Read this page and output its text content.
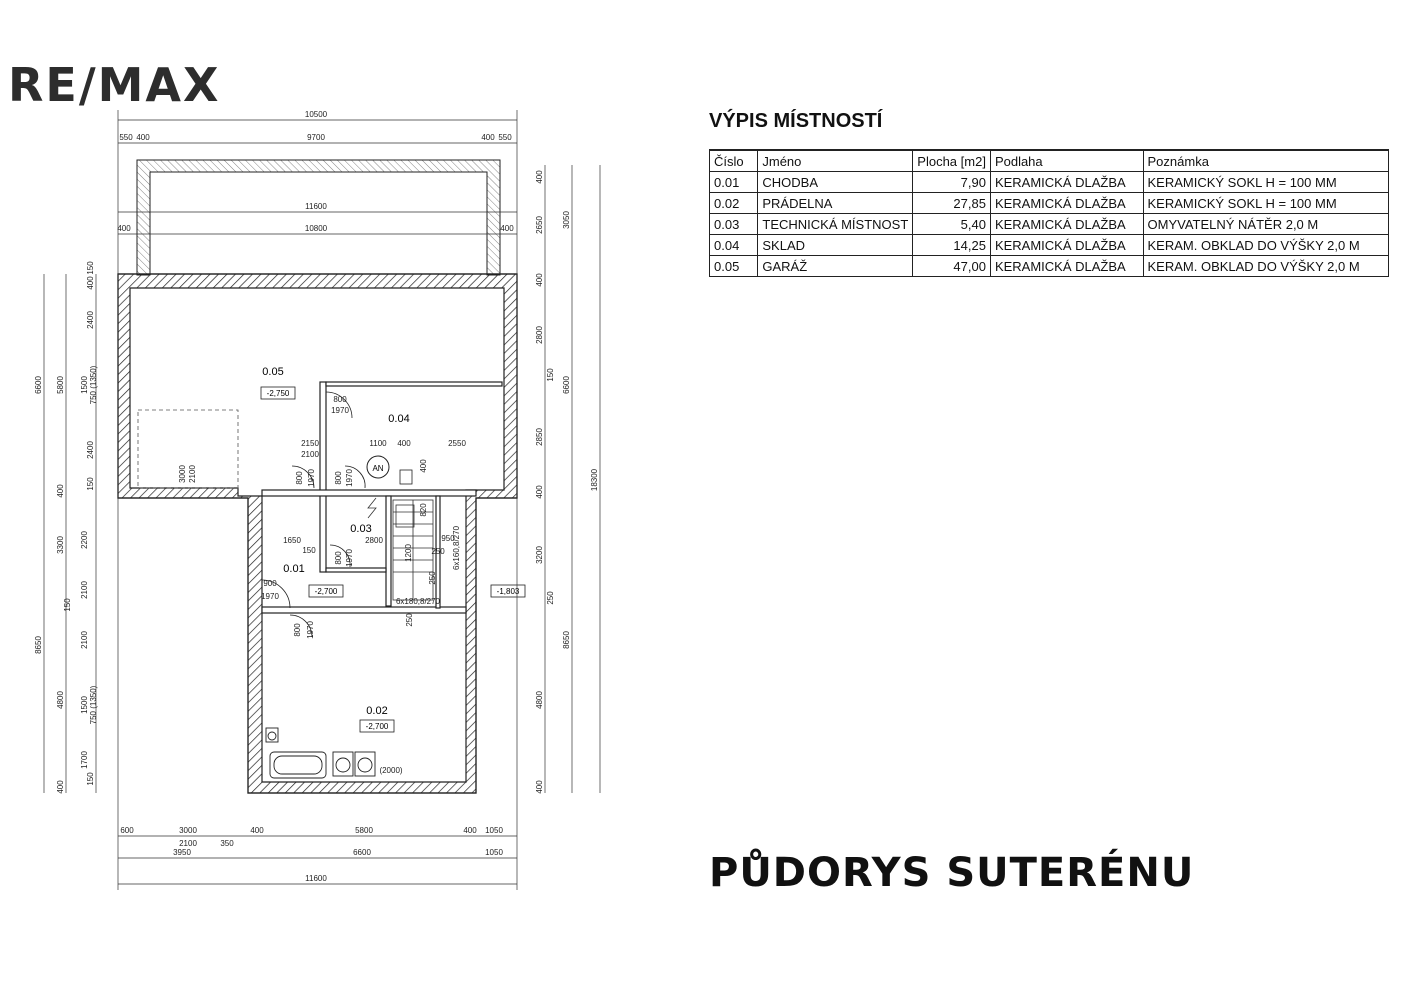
RE/MAX
AN
0.05
-2,750
0.04
0.03
0.01
-2,700
0.02
-2,700
-1,803
10500
550 400	9700	400 550
11600
400	10800	400
6600
8650
5800
3300
4800
150
400
2400
1500 750 (1350)
2400
150
400
2200
2100
150
2100
1500 750 (1350)
1700
150
400
400
2650 3050
400
2800
150
6600
2850
400
18300
3200
250
8650
4800
400
600	3000	400	5800	400 1050
2100	350
3950	6600	1050
11600
800
1970
2150
2100
1100 400	2550
3000 2100	800 1970 800 1970
400
1650
150
2800
800 1970	1200 250
900
1970
800 1970
250
(2000)
950
6x160,8/270
6x180,8/270
820
250
VÝPIS MÍSTNOSTÍ
Číslo	Jméno	Plocha [m2]	Podlaha	Poznámka
0.01	CHODBA	7,90	KERAMICKÁ DLAŽBA	KERAMICKÝ SOKL H = 100 MM
0.02	PRÁDELNA	27,85	KERAMICKÁ DLAŽBA	KERAMICKÝ SOKL H = 100 MM
0.03	TECHNICKÁ MÍSTNOST	5,40	KERAMICKÁ DLAŽBA	OMYVATELNÝ NÁTĚR 2,0 M
0.04	SKLAD	14,25	KERAMICKÁ DLAŽBA	KERAM. OBKLAD DO VÝŠKY 2,0 M
0.05	GARÁŽ	47,00	KERAMICKÁ DLAŽBA	KERAM. OBKLAD DO VÝŠKY 2,0 M
PŮDORYS SUTERÉNU
